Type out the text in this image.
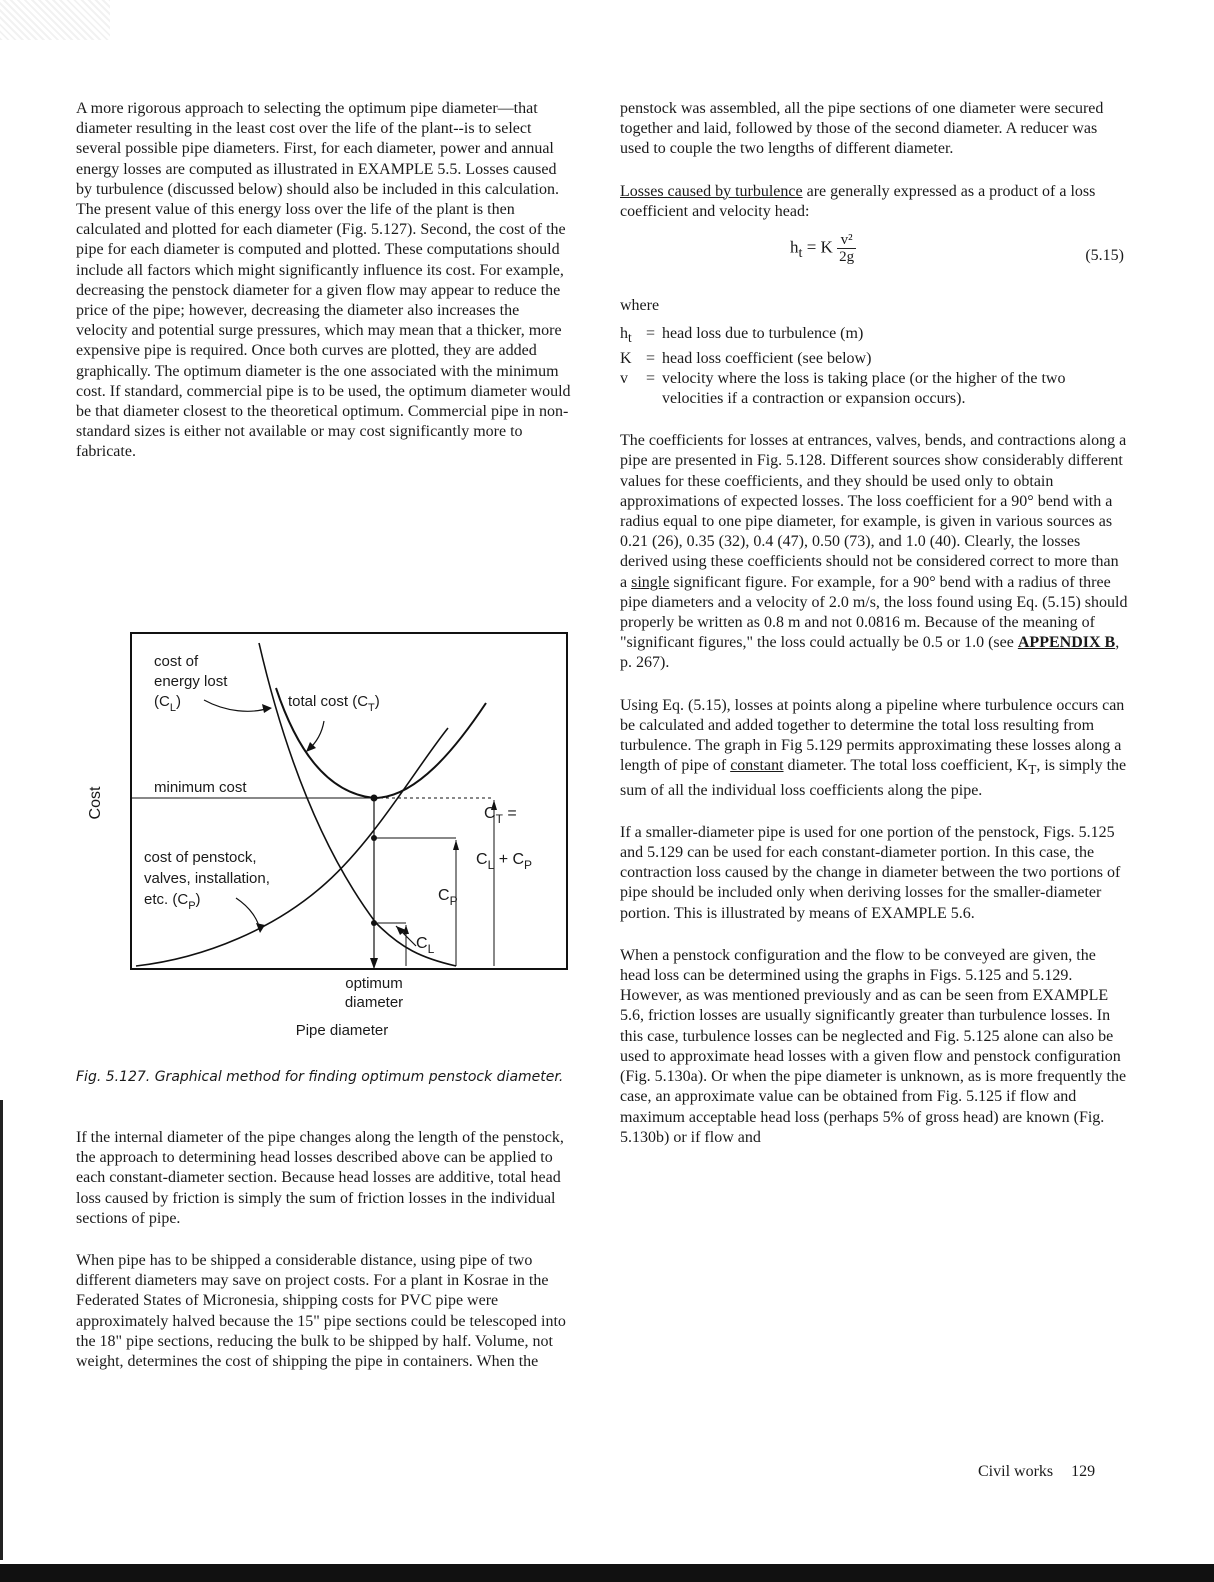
A more rigorous approach to selecting the optimum pipe diameter—that diameter resulting in the least cost over the life of the plant--is to select several possible pipe diameters. First, for each diameter, power and annual energy losses are computed as illustrated in EXAMPLE 5.5. Losses caused by turbulence (discussed below) should also be included in this calculation. The present value of this energy loss over the life of the plant is then calculated and plotted for each diameter (Fig. 5.127). Second, the cost of the pipe for each diameter is computed and plotted. These computations should include all factors which might significantly influence its cost. For example, decreasing the penstock diameter for a given flow may appear to reduce the price of the pipe; however, decreasing the diameter also increases the velocity and potential surge pressures, which may mean that a thicker, more expensive pipe is required. Once both curves are plotted, they are added graphically. The optimum diameter is the one associated with the minimum cost. If standard, commercial pipe is to be used, the optimum diameter would be that diameter closest to the theoretical optimum. Commercial pipe in non-standard sizes is either not available or may cost significantly more to fabricate.

Cost
cost of
energy lost
$(C_L)$	total cost $(C_T)$
minimum cost
cost of penstock,
valves, installation,
etc. $(C_P)$
$C_T$ =
$C_L + C_P$
$C_P$
$C_L$
optimum
diameter
Pipe diameter
Fig. 5.127. Graphical method for finding optimum penstock diameter.

If the internal diameter of the pipe changes along the length of the penstock, the approach to determining head losses described above can be applied to each constant-diameter section. Because head losses are additive, total head loss caused by friction is simply the sum of friction losses in the individual sections of pipe.

When pipe has to be shipped a considerable distance, using pipe of two different diameters may save on project costs. For a plant in Kosrae in the Federated States of Micronesia, shipping costs for PVC pipe were approximately halved because the 15" pipe sections could be telescoped into the 18" pipe sections, reducing the bulk to be shipped by half. Volume, not weight, determines the cost of shipping the pipe in containers. When the

penstock was assembled, all the pipe sections of one diameter were secured together and laid, followed by those of the second diameter. A reducer was used to couple the two lengths of different diameter.

Losses caused by turbulence are generally expressed as a product of a loss coefficient and velocity head:

$h_t = K \frac{\text{v²}}{2g}$	(5.15)

where

$h_t$ = head loss due to turbulence (m)
K = head loss coefficient (see below)
v	= velocity where the loss is taking place (or the higher of the two velocities if a contraction or expansion occurs).

The coefficients for losses at entrances, valves, bends, and contractions along a pipe are presented in Fig. 5.128. Different sources show considerably different values for these coefficients, and they should be used only to obtain approximations of expected losses. The loss coefficient for a 90° bend with a radius equal to one pipe diameter, for example, is given in various sources as 0.21 (26), 0.35 (32), 0.4 (47), 0.50 (73), and 1.0 (40). Clearly, the losses derived using these coefficients should not be considered correct to more than a single significant figure. For example, for a 90° bend with a radius of three pipe diameters and a velocity of 2.0 m/s, the loss found using Eq. (5.15) should properly be written as 0.8 m and not 0.0816 m. Because of the meaning of "significant figures," the loss could actually be 0.5 or 1.0 (see APPENDIX B, p. 267).

Using Eq. (5.15), losses at points along a pipeline where turbulence occurs can be calculated and added together to determine the total loss resulting from turbulence. The graph in Fig 5.129 permits approximating these losses along a length of pipe of constant diameter. The total loss coefficient, $K_T$, is simply the sum of all the individual loss coefficients along the pipe.

If a smaller-diameter pipe is used for one portion of the penstock, Figs. 5.125 and 5.129 can be used for each constant-diameter portion. In this case, the contraction loss caused by the change in diameter between the two portions of pipe should be included only when deriving losses for the smaller-diameter portion. This is illustrated by means of EXAMPLE 5.6.

When a penstock configuration and the flow to be conveyed are given, the head loss can be determined using the graphs in Figs. 5.125 and 5.129. However, as was mentioned previously and as can be seen from EXAMPLE 5.6, friction losses are usually significantly greater than turbulence losses. In this case, turbulence losses can be neglected and Fig. 5.125 alone can also be used to approximate head losses with a given flow and penstock configuration (Fig. 5.130a). Or when the pipe diameter is unknown, as is more frequently the case, an approximate value can be obtained from Fig. 5.125 if flow and maximum acceptable head loss (perhaps 5% of gross head) are known (Fig. 5.130b) or if flow and

Civil works 129
